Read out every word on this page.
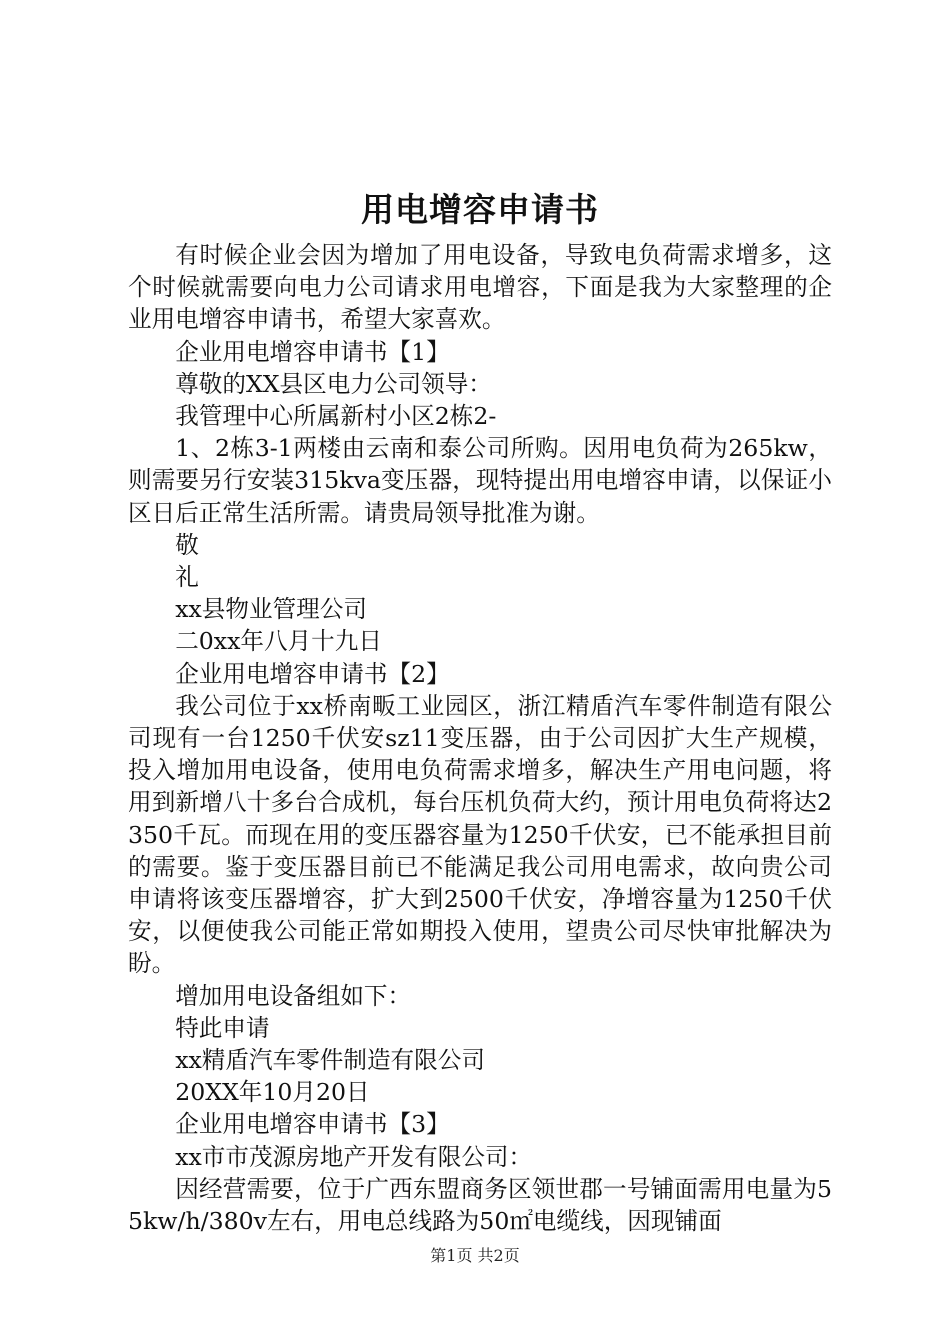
用电增容申请书

有时候企业会因为增加了用电设备，导致电负荷需求增多，这个时候就需要向电力公司请求用电增容，下面是我为大家整理的企业用电增容申请书，希望大家喜欢。

企业用电增容申请书【1】

尊敬的XX县区电力公司领导：

我管理中心所属新村小区2栋2-

1、2栋3-1两楼由云南和泰公司所购。因用电负荷为265kw，则需要另行安装315kva变压器，现特提出用电增容申请，以保证小区日后正常生活所需。请贵局领导批准为谢。

敬

礼

xx县物业管理公司

二0xx年八月十九日

企业用电增容申请书【2】

我公司位于xx桥南畈工业园区，浙江精盾汽车零件制造有限公司现有一台1250千伏安sz11变压器，由于公司因扩大生产规模，投入增加用电设备，使用电负荷需求增多，解决生产用电问题，将用到新增八十多台合成机，每台压机负荷大约，预计用电负荷将达2350千瓦。而现在用的变压器容量为1250千伏安，已不能承担目前的需要。鉴于变压器目前已不能满足我公司用电需求，故向贵公司申请将该变压器增容，扩大到2500千伏安，净增容量为1250千伏安，以便使我公司能正常如期投入使用，望贵公司尽快审批解决为盼。

增加用电设备组如下：

特此申请

xx精盾汽车零件制造有限公司

20XX年10月20日

企业用电增容申请书【3】

xx市市茂源房地产开发有限公司：

因经营需要，位于广西东盟商务区领世郡一号铺面需用电量为55kw/h/380v左右，用电总线路为50㎡电缆线，因现铺面

第1页 共2页
